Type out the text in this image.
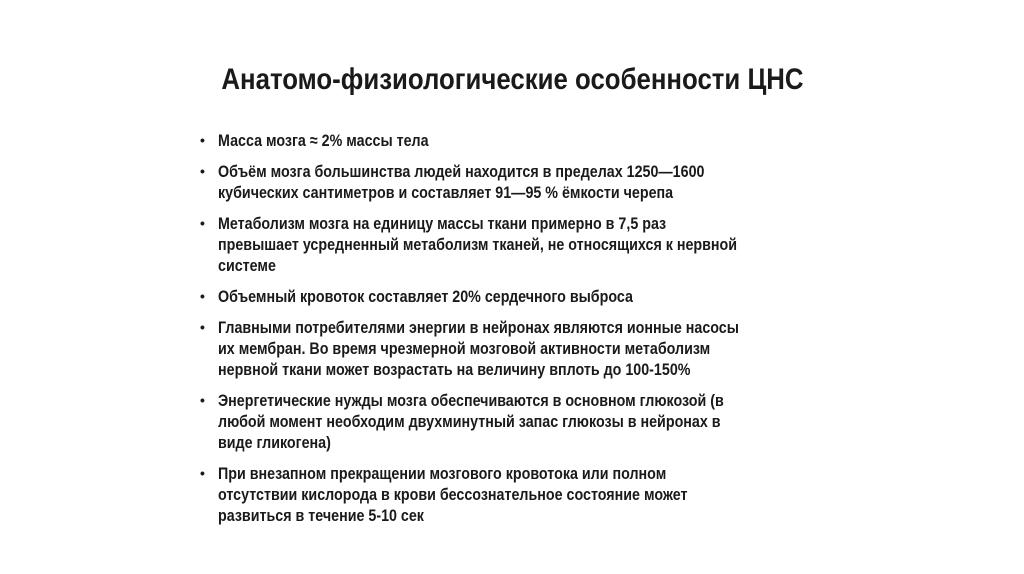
Анатомо-физиологические особенности ЦНС
• Масса мозга ≈ 2% массы тела
• Объём мозга большинства людей находится в пределах 1250—1600
кубических сантиметров и составляет 91—95 % ёмкости черепа
• Метаболизм мозга на единицу массы ткани примерно в 7,5 раз
превышает усредненный метаболизм тканей, не относящихся к нервной
системе
• Объемный кровоток составляет 20% сердечного выброса
• Главными потребителями энергии в нейронах являются ионные насосы
их мембран. Во время чрезмерной мозговой активности метаболизм
нервной ткани может возрастать на величину вплоть до 100-150%
• Энергетические нужды мозга обеспечиваются в основном глюкозой (в
любой момент необходим двухминутный запас глюкозы в нейронах в
виде гликогена)
• При внезапном прекращении мозгового кровотока или полном
отсутствии кислорода в крови бессознательное состояние может
развиться в течение 5-10 сек
